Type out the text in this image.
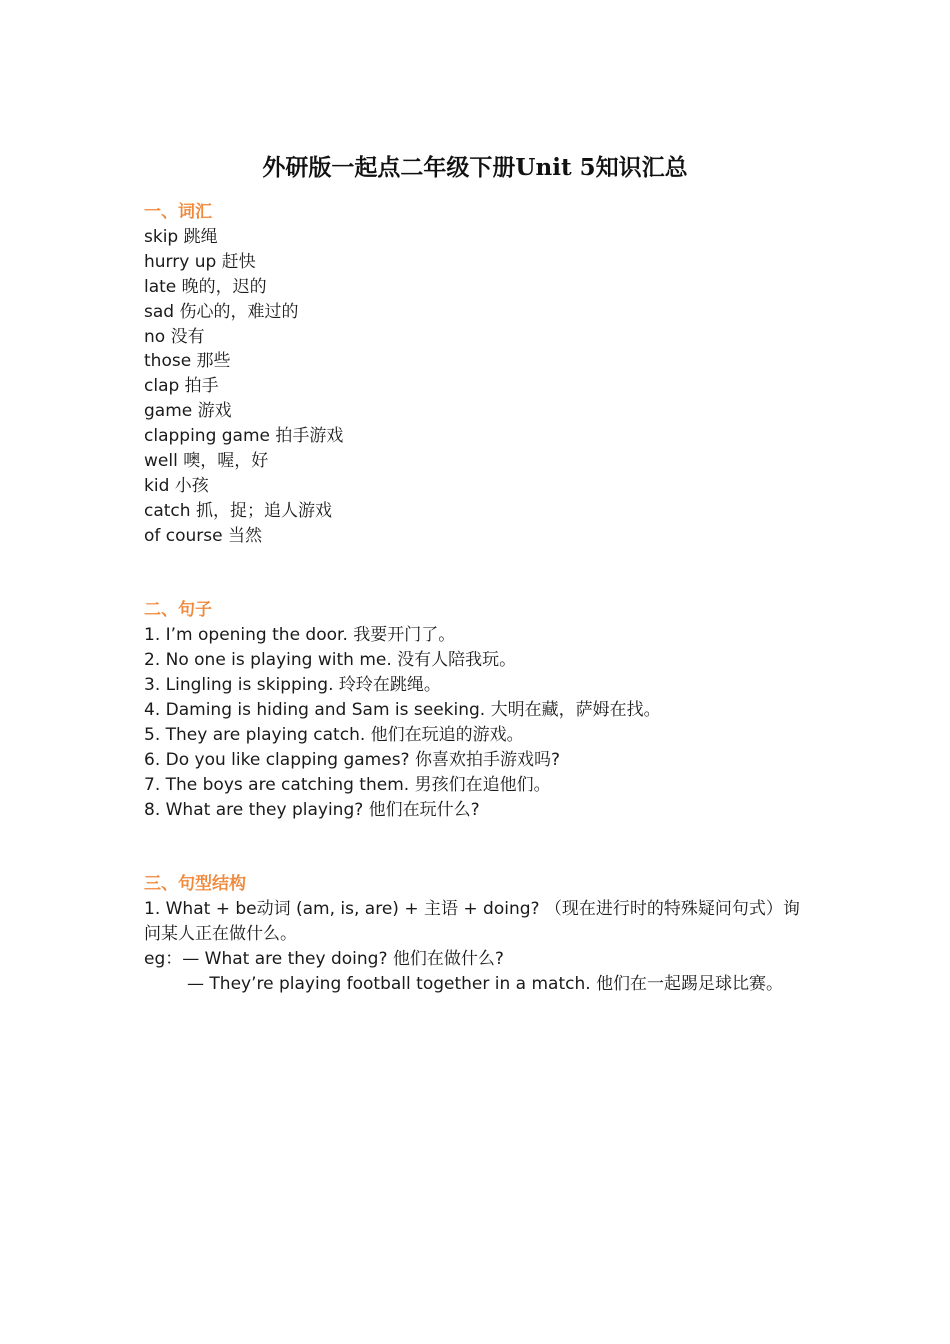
外研版一起点二年级下册Unit 5知识汇总
一、词汇
skip 跳绳
hurry up 赶快
late 晚的，迟的
sad 伤心的，难过的
no 没有
those 那些
clap 拍手
game 游戏
clapping game 拍手游戏
well 噢，喔，好
kid 小孩
catch 抓，捉；追人游戏
of course 当然
二、句子
1. I’m opening the door. 我要开门了。
2. No one is playing with me. 没有人陪我玩。
3. Lingling is skipping. 玲玲在跳绳。
4. Daming is hiding and Sam is seeking. 大明在藏，萨姆在找。
5. They are playing catch. 他们在玩追的游戏。
6. Do you like clapping games? 你喜欢拍手游戏吗?
7. The boys are catching them. 男孩们在追他们。
8. What are they playing? 他们在玩什么?
三、句型结构
1. What + be动词 (am, is, are) + 主语 + doing? （现在进行时的特殊疑问句式）询问某人正在做什么。
eg：— What are they doing? 他们在做什么?
— They’re playing football together in a match. 他们在一起踢足球比赛。
